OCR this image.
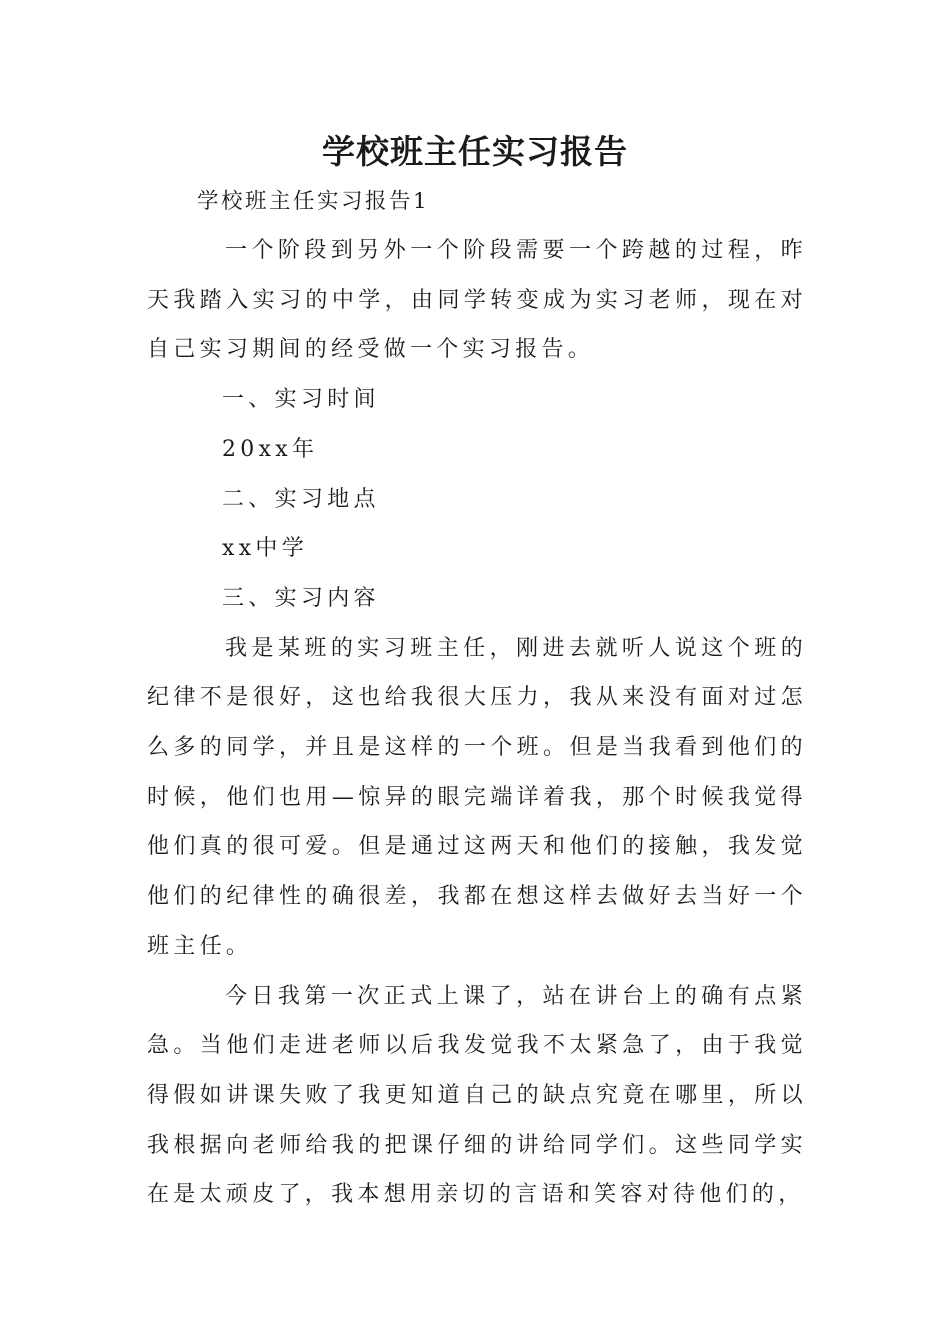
学校班主任实习报告
学校班主任实习报告1

一个阶段到另外一个阶段需要一个跨越的过程，昨天我踏入实习的中学，由同学转变成为实习老师，现在对自己实习期间的经受做一个实习报告。

一、实习时间

20xx年

二、实习地点

xx中学

三、实习内容

我是某班的实习班主任，刚进去就听人说这个班的纪律不是很好，这也给我很大压力，我从来没有面对过怎么多的同学，并且是这样的一个班。但是当我看到他们的时候，他们也用—惊异的眼完端详着我，那个时候我觉得他们真的很可爱。但是通过这两天和他们的接触，我发觉他们的纪律性的确很差，我都在想这样去做好去当好一个班主任。

今日我第一次正式上课了，站在讲台上的确有点紧急。当他们走进老师以后我发觉我不太紧急了，由于我觉得假如讲课失败了我更知道自己的缺点究竟在哪里，所以我根据向老师给我的把课仔细的讲给同学们。这些同学实在是太顽皮了，我本想用亲切的言语和笑容对待他们的，
